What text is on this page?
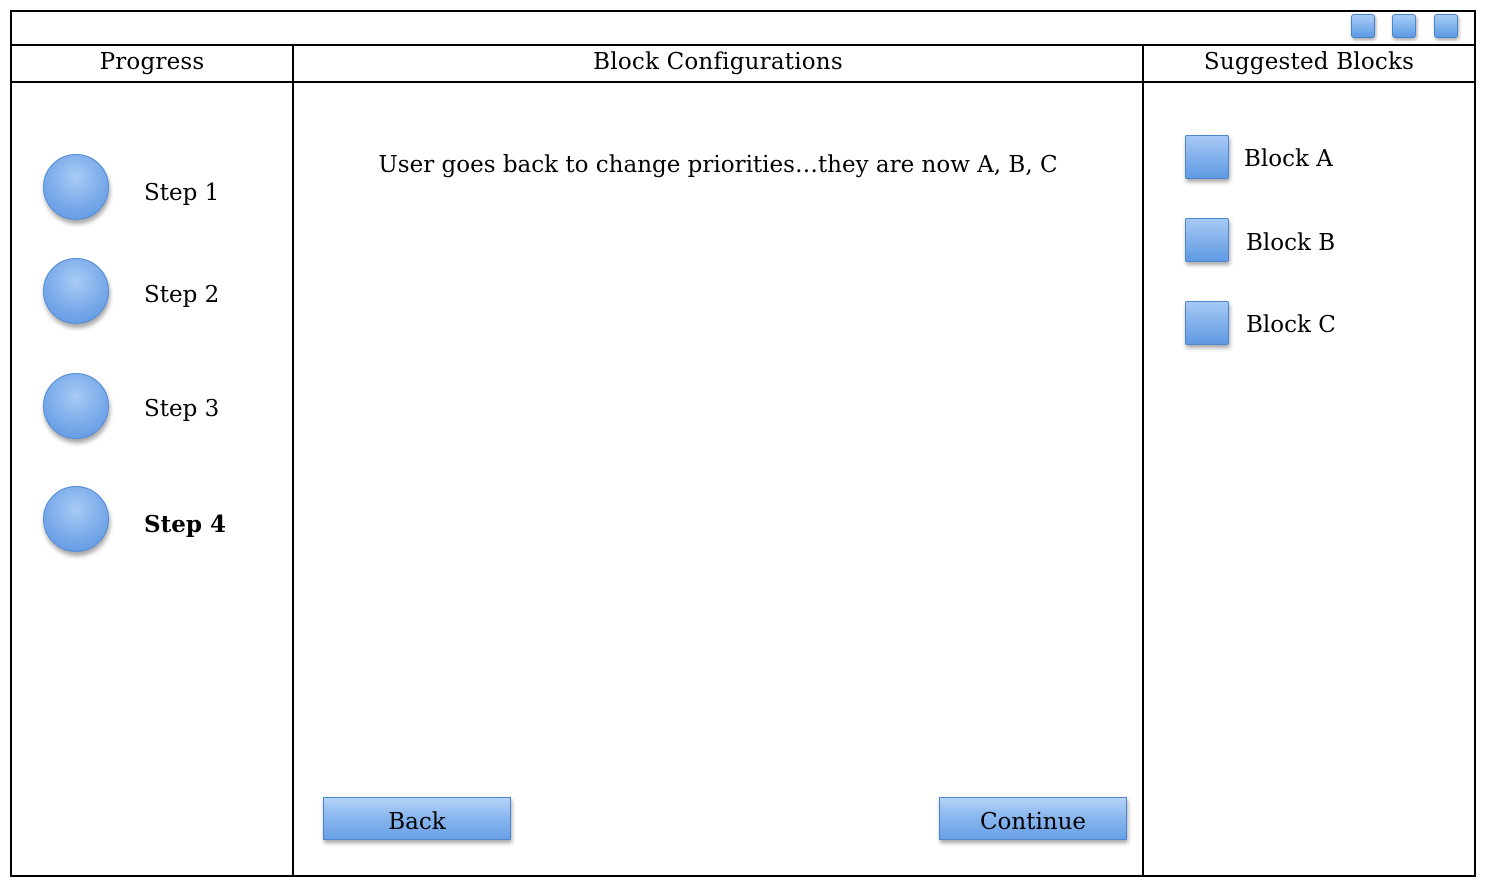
Progress	Block Configurations	Suggested Blocks
Step 1
Step 2
Step 3
Step 4
User goes back to change priorities…they are now A, B, C
Back	Continue
Block A
Block B
Block C
